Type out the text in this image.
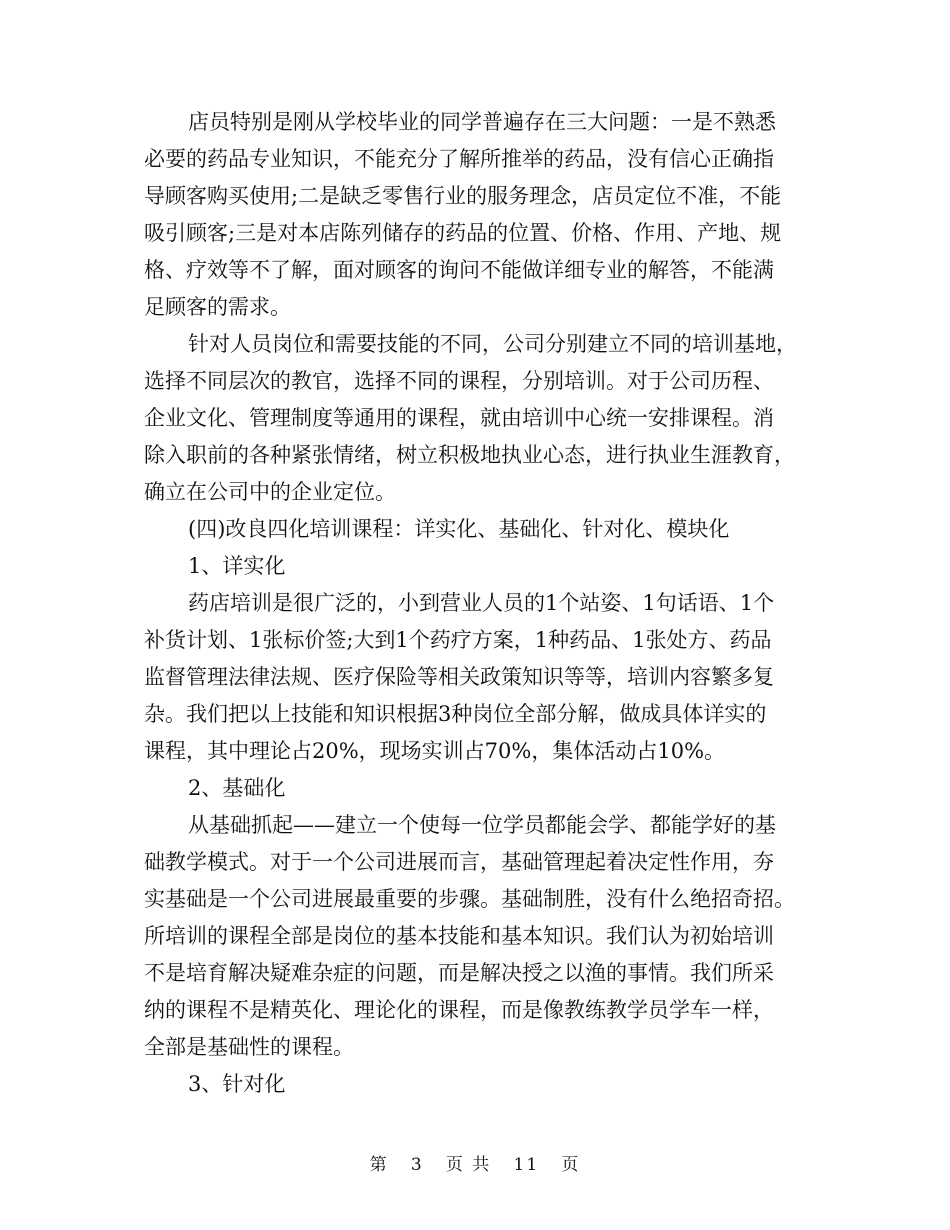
店员特别是刚从学校毕业的同学普遍存在三大问题：一是不熟悉
必要的药品专业知识，不能充分了解所推举的药品，没有信心正确指
导顾客购买使用;二是缺乏零售行业的服务理念，店员定位不准，不能
吸引顾客;三是对本店陈列储存的药品的位置、价格、作用、产地、规
格、疗效等不了解，面对顾客的询问不能做详细专业的解答，不能满
足顾客的需求。
针对人员岗位和需要技能的不同，公司分别建立不同的培训基地，
选择不同层次的教官，选择不同的课程，分别培训。对于公司历程、
企业文化、管理制度等通用的课程，就由培训中心统一安排课程。消
除入职前的各种紧张情绪，树立积极地执业心态，进行执业生涯教育，
确立在公司中的企业定位。
(四)改良四化培训课程：详实化、基础化、针对化、模块化
1、详实化
药店培训是很广泛的，小到营业人员的1个站姿、1句话语、1个
补货计划、1张标价签;大到1个药疗方案，1种药品、1张处方、药品
监督管理法律法规、医疗保险等相关政策知识等等，培训内容繁多复
杂。我们把以上技能和知识根据3种岗位全部分解，做成具体详实的
课程，其中理论占20%，现场实训占70%，集体活动占10%。
2、基础化
从基础抓起——建立一个使每一位学员都能会学、都能学好的基
础教学模式。对于一个公司进展而言，基础管理起着决定性作用，夯
实基础是一个公司进展最重要的步骤。基础制胜，没有什么绝招奇招。
所培训的课程全部是岗位的基本技能和基本知识。我们认为初始培训
不是培育解决疑难杂症的问题，而是解决授之以渔的事情。我们所采
纳的课程不是精英化、理论化的课程，而是像教练教学员学车一样，
全部是基础性的课程。
3、针对化
第 3 页 共 11 页
